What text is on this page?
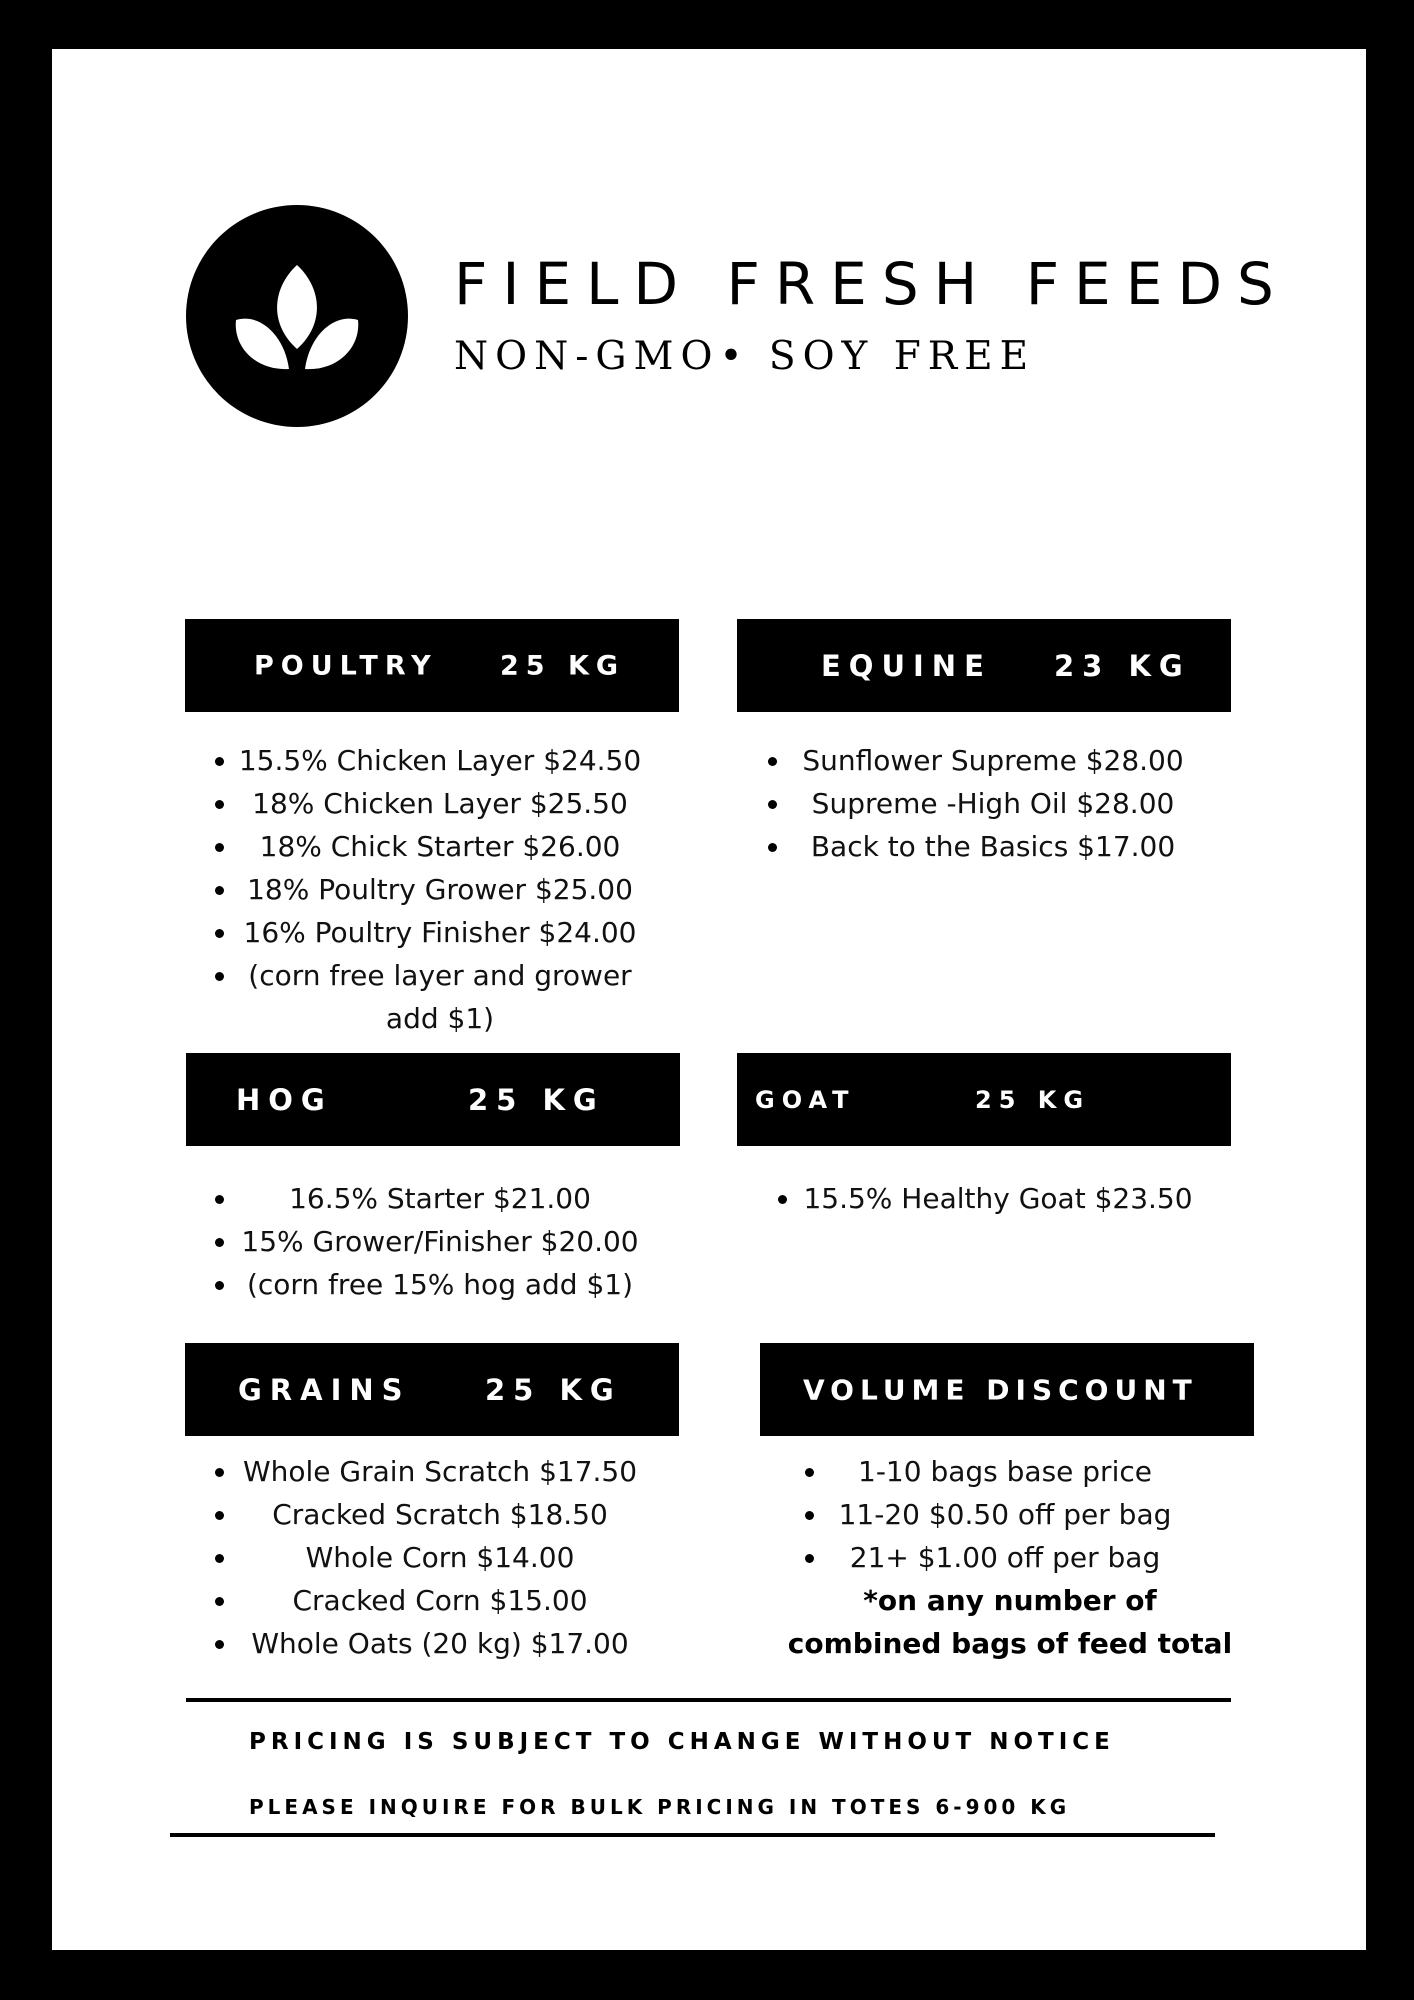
FIELD FRESH FEEDS
NON-GMO• SOY FREE
POULTRY 25 KG
15.5% Chicken Layer $24.50
18% Chicken Layer $25.50
18% Chick Starter $26.00
18% Poultry Grower $25.00
16% Poultry Finisher $24.00
(corn free layer and grower
add $1)
EQUINE 23 KG
Sunflower Supreme $28.00
Supreme -High Oil $28.00
Back to the Basics $17.00
HOG	25 KG
16.5% Starter $21.00
15% Grower/Finisher $20.00
(corn free 15% hog add $1)
GOAT	25 KG
15.5% Healthy Goat $23.50
GRAINS	25 KG
Whole Grain Scratch $17.50
Cracked Scratch $18.50
Whole Corn $14.00
Cracked Corn $15.00
Whole Oats (20 kg) $17.00
VOLUME DISCOUNT
1-10 bags base price
11-20 $0.50 off per bag
21+ $1.00 off per bag
*on any number of
combined bags of feed total
PRICING IS SUBJECT TO CHANGE WITHOUT NOTICE
PLEASE INQUIRE FOR BULK PRICING IN TOTES 6-900 KG
